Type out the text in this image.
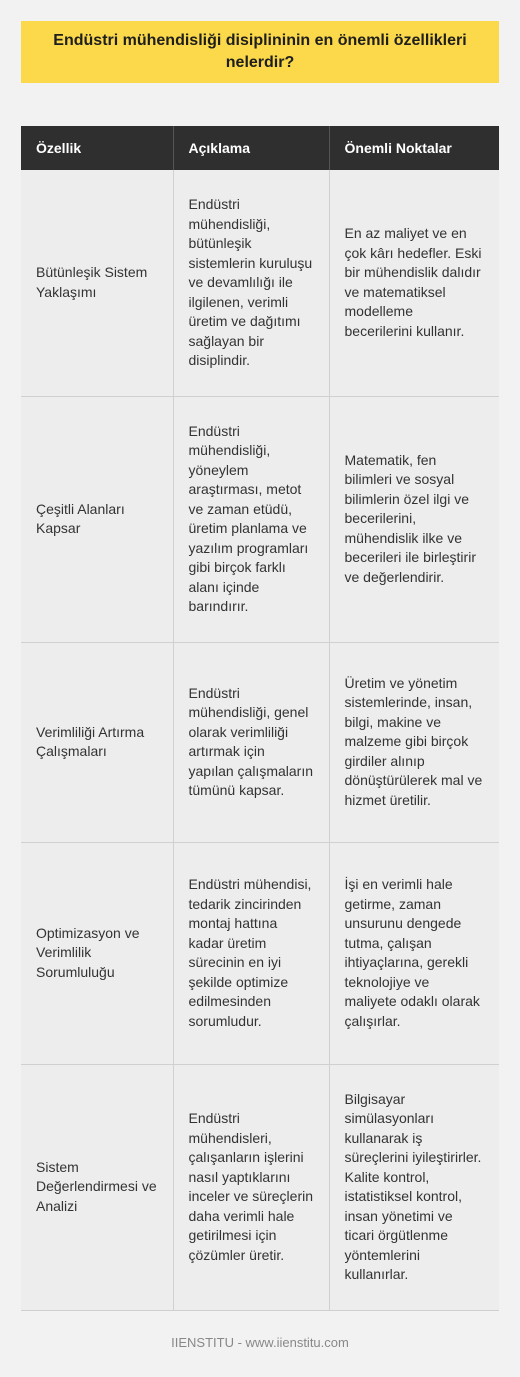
Endüstri mühendisliği disiplininin en önemli özellikleri nelerdir?
Özellik	Açıklama	Önemli Noktalar
Bütünleşik Sistem Yaklaşımı	Endüstri mühendisliği, bütünleşik sistemlerin kuruluşu ve devamlılığı ile ilgilenen, verimli üretim ve dağıtımı sağlayan bir disiplindir.	En az maliyet ve en çok kârı hedefler. Eski bir mühendislik dalıdır ve matematiksel modelleme becerilerini kullanır.
Çeşitli Alanları Kapsar	Endüstri mühendisliği, yöneylem araştırması, metot ve zaman etüdü, üretim planlama ve yazılım programları gibi birçok farklı alanı içinde barındırır.	Matematik, fen bilimleri ve sosyal bilimlerin özel ilgi ve becerilerini, mühendislik ilke ve becerileri ile birleştirir ve değerlendirir.
Verimliliği Artırma Çalışmaları	Endüstri mühendisliği, genel olarak verimliliği artırmak için yapılan çalışmaların tümünü kapsar.	Üretim ve yönetim sistemlerinde, insan, bilgi, makine ve malzeme gibi birçok girdiler alınıp dönüştürülerek mal ve hizmet üretilir.
Optimizasyon ve Verimlilik Sorumluluğu	Endüstri mühendisi, tedarik zincirinden montaj hattına kadar üretim sürecinin en iyi şekilde optimize edilmesinden sorumludur.	İşi en verimli hale getirme, zaman unsurunu dengede tutma, çalışan ihtiyaçlarına, gerekli teknolojiye ve maliyete odaklı olarak çalışırlar.
Sistem Değerlendirmesi ve Analizi	Endüstri mühendisleri, çalışanların işlerini nasıl yaptıklarını inceler ve süreçlerin daha verimli hale getirilmesi için çözümler üretir.	Bilgisayar simülasyonları kullanarak iş süreçlerini iyileştirirler. Kalite kontrol, istatistiksel kontrol, insan yönetimi ve ticari örgütlenme yöntemlerini kullanırlar.
IIENSTITU - www.iienstitu.com
